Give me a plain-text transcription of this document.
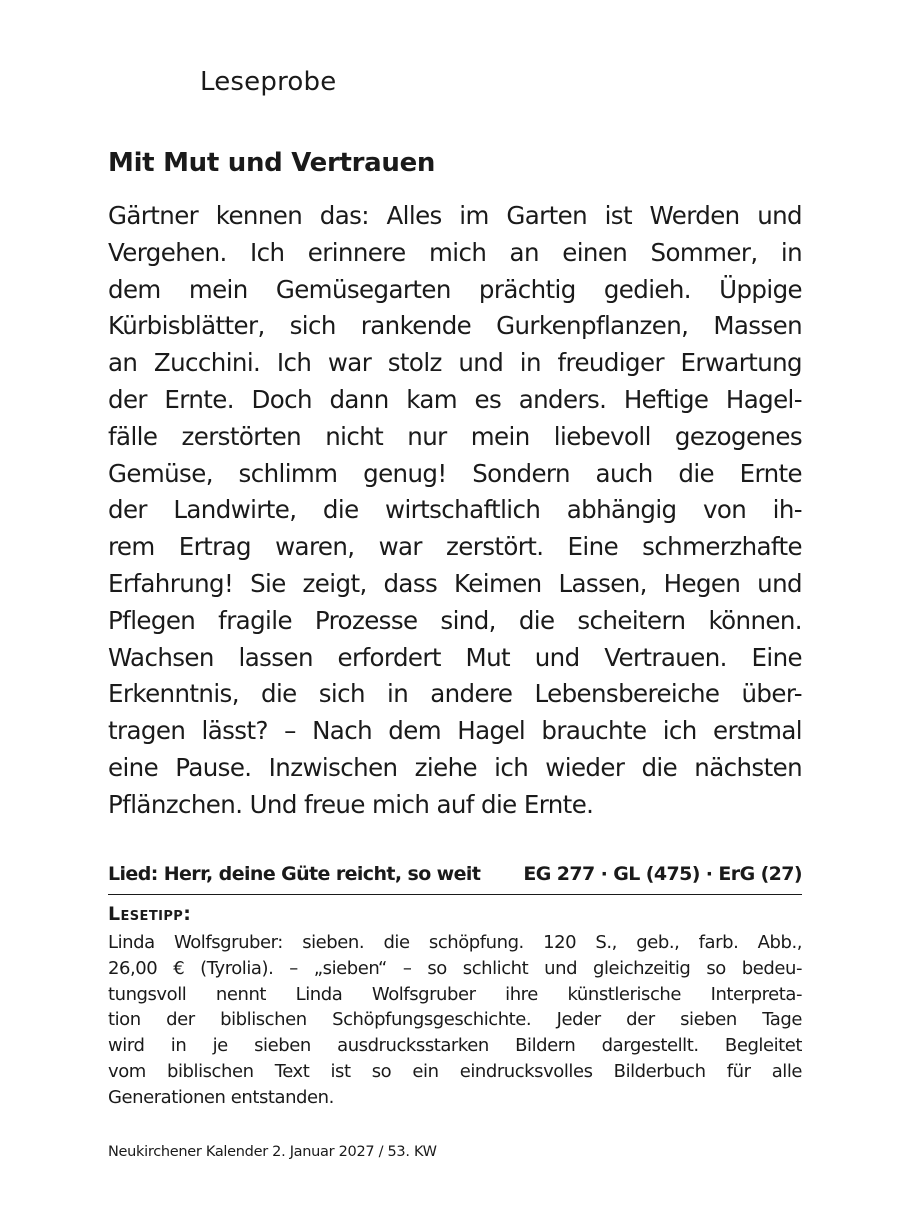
Leseprobe
Mit Mut und Vertrauen
Gärtner kennen das: Alles im Garten ist Werden und
Vergehen. Ich erinnere mich an einen Sommer, in
dem mein Gemüsegarten prächtig gedieh. Üppige
Kürbisblätter, sich rankende Gurkenpflanzen, Massen
an Zucchini. Ich war stolz und in freudiger Erwartung
der Ernte. Doch dann kam es anders. Heftige Hagel-
fälle zerstörten nicht nur mein liebevoll gezogenes
Gemüse, schlimm genug! Sondern auch die Ernte
der Landwirte, die wirtschaftlich abhängig von ih-
rem Ertrag waren, war zerstört. Eine schmerzhafte
Erfahrung! Sie zeigt, dass Keimen Lassen, Hegen und
Pflegen fragile Prozesse sind, die scheitern können.
Wachsen lassen erfordert Mut und Vertrauen. Eine
Erkenntnis, die sich in andere Lebensbereiche über-
tragen lässt? – Nach dem Hagel brauchte ich erstmal
eine Pause. Inzwischen ziehe ich wieder die nächsten
Pflänzchen. Und freue mich auf die Ernte.
Lied: Herr, deine Güte reicht, so weit EG 277 · GL (475) · ErG (27)
Lesetipp:
Linda Wolfsgruber: sieben. die schöpfung. 120 S., geb., farb. Abb.,
26,00 € (Tyrolia). – „sieben“ – so schlicht und gleichzeitig so bedeu-
tungsvoll nennt Linda Wolfsgruber ihre künstlerische Interpreta-
tion der biblischen Schöpfungsgeschichte. Jeder der sieben Tage
wird in je sieben ausdrucksstarken Bildern dargestellt. Begleitet
vom biblischen Text ist so ein eindrucksvolles Bilderbuch für alle
Generationen entstanden.
Neukirchener Kalender 2. Januar 2027 / 53. KW
